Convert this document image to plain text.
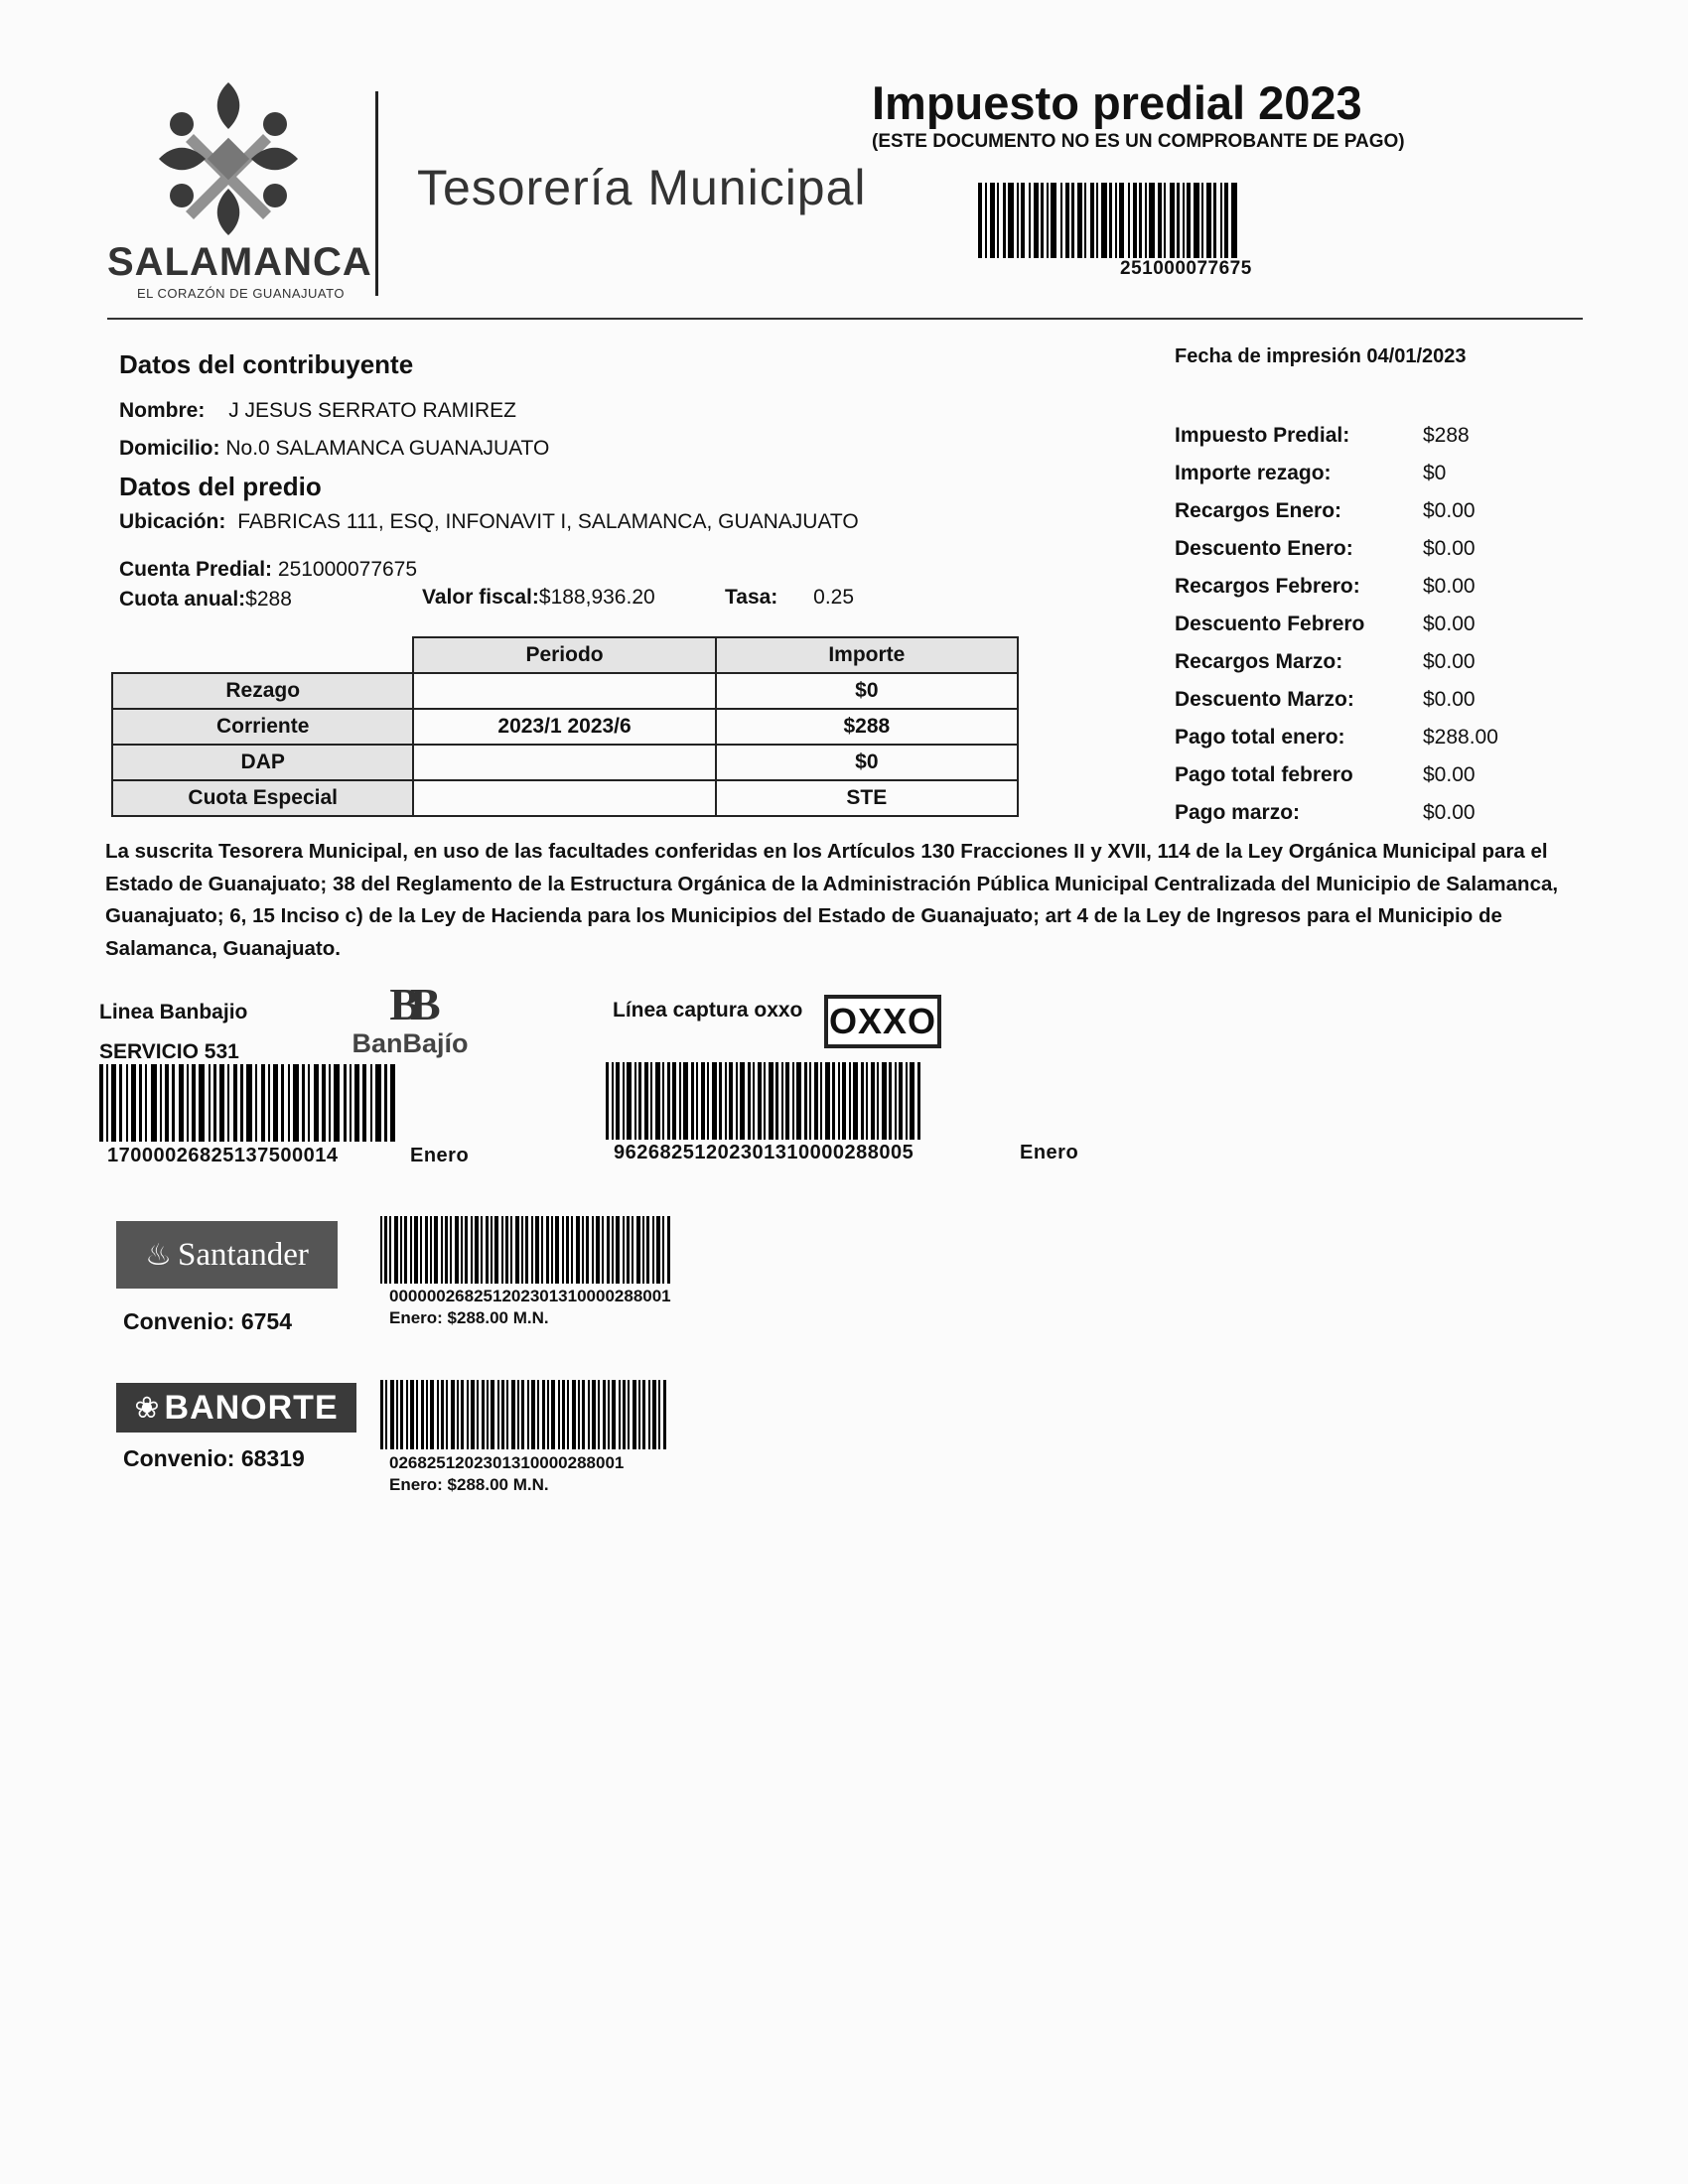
SALAMANCA
EL CORAZÓN DE GUANAJUATO
Tesorería Municipal
Impuesto predial 2023
(ESTE DOCUMENTO NO ES UN COMPROBANTE DE PAGO)
251000077675
Datos del contribuyente
Nombre: J JESUS SERRATO RAMIREZ
Domicilio: No.0 SALAMANCA GUANAJUATO
Datos del predio
Ubicación: FABRICAS 111, ESQ, INFONAVIT I, SALAMANCA, GUANAJUATO
Cuenta Predial: 251000077675
Cuota anual:$288	Valor fiscal:$188,936.20	Tasa: 0.25
	Periodo	Importe
Rezago		$0
Corriente	2023/1 2023/6	$288
DAP		$0
Cuota Especial		STE
Fecha de impresión 04/01/2023
Impuesto Predial:	$288
Importe rezago:	$0
Recargos Enero:	$0.00
Descuento Enero:	$0.00
Recargos Febrero:	$0.00
Descuento Febrero	$0.00
Recargos Marzo:	$0.00
Descuento Marzo:	$0.00
Pago total enero:	$288.00
Pago total febrero	$0.00
Pago marzo:	$0.00
La suscrita Tesorera Municipal, en uso de las facultades conferidas en los Artículos 130 Fracciones II y XVII, 114 de la Ley Orgánica Municipal para el Estado de Guanajuato; 38 del Reglamento de la Estructura Orgánica de la Administración Pública Municipal Centralizada del Municipio de Salamanca, Guanajuato; 6, 15 Inciso c) de la Ley de Hacienda para los Municipios del Estado de Guanajuato; art 4 de la Ley de Ingresos para el Municipio de Salamanca, Guanajuato.
Linea Banbajio
SERVICIO 531
BB
BanBajío
17000026825137500014	Enero
Línea captura oxxo OXXO
96268251202301310000288005	Enero
♨ Santander
Convenio: 6754
000000268251202301310000288001
Enero: $288.00 M.N.
❀ BANORTE
Convenio: 68319	0268251202301310000288001
Enero: $288.00 M.N.
